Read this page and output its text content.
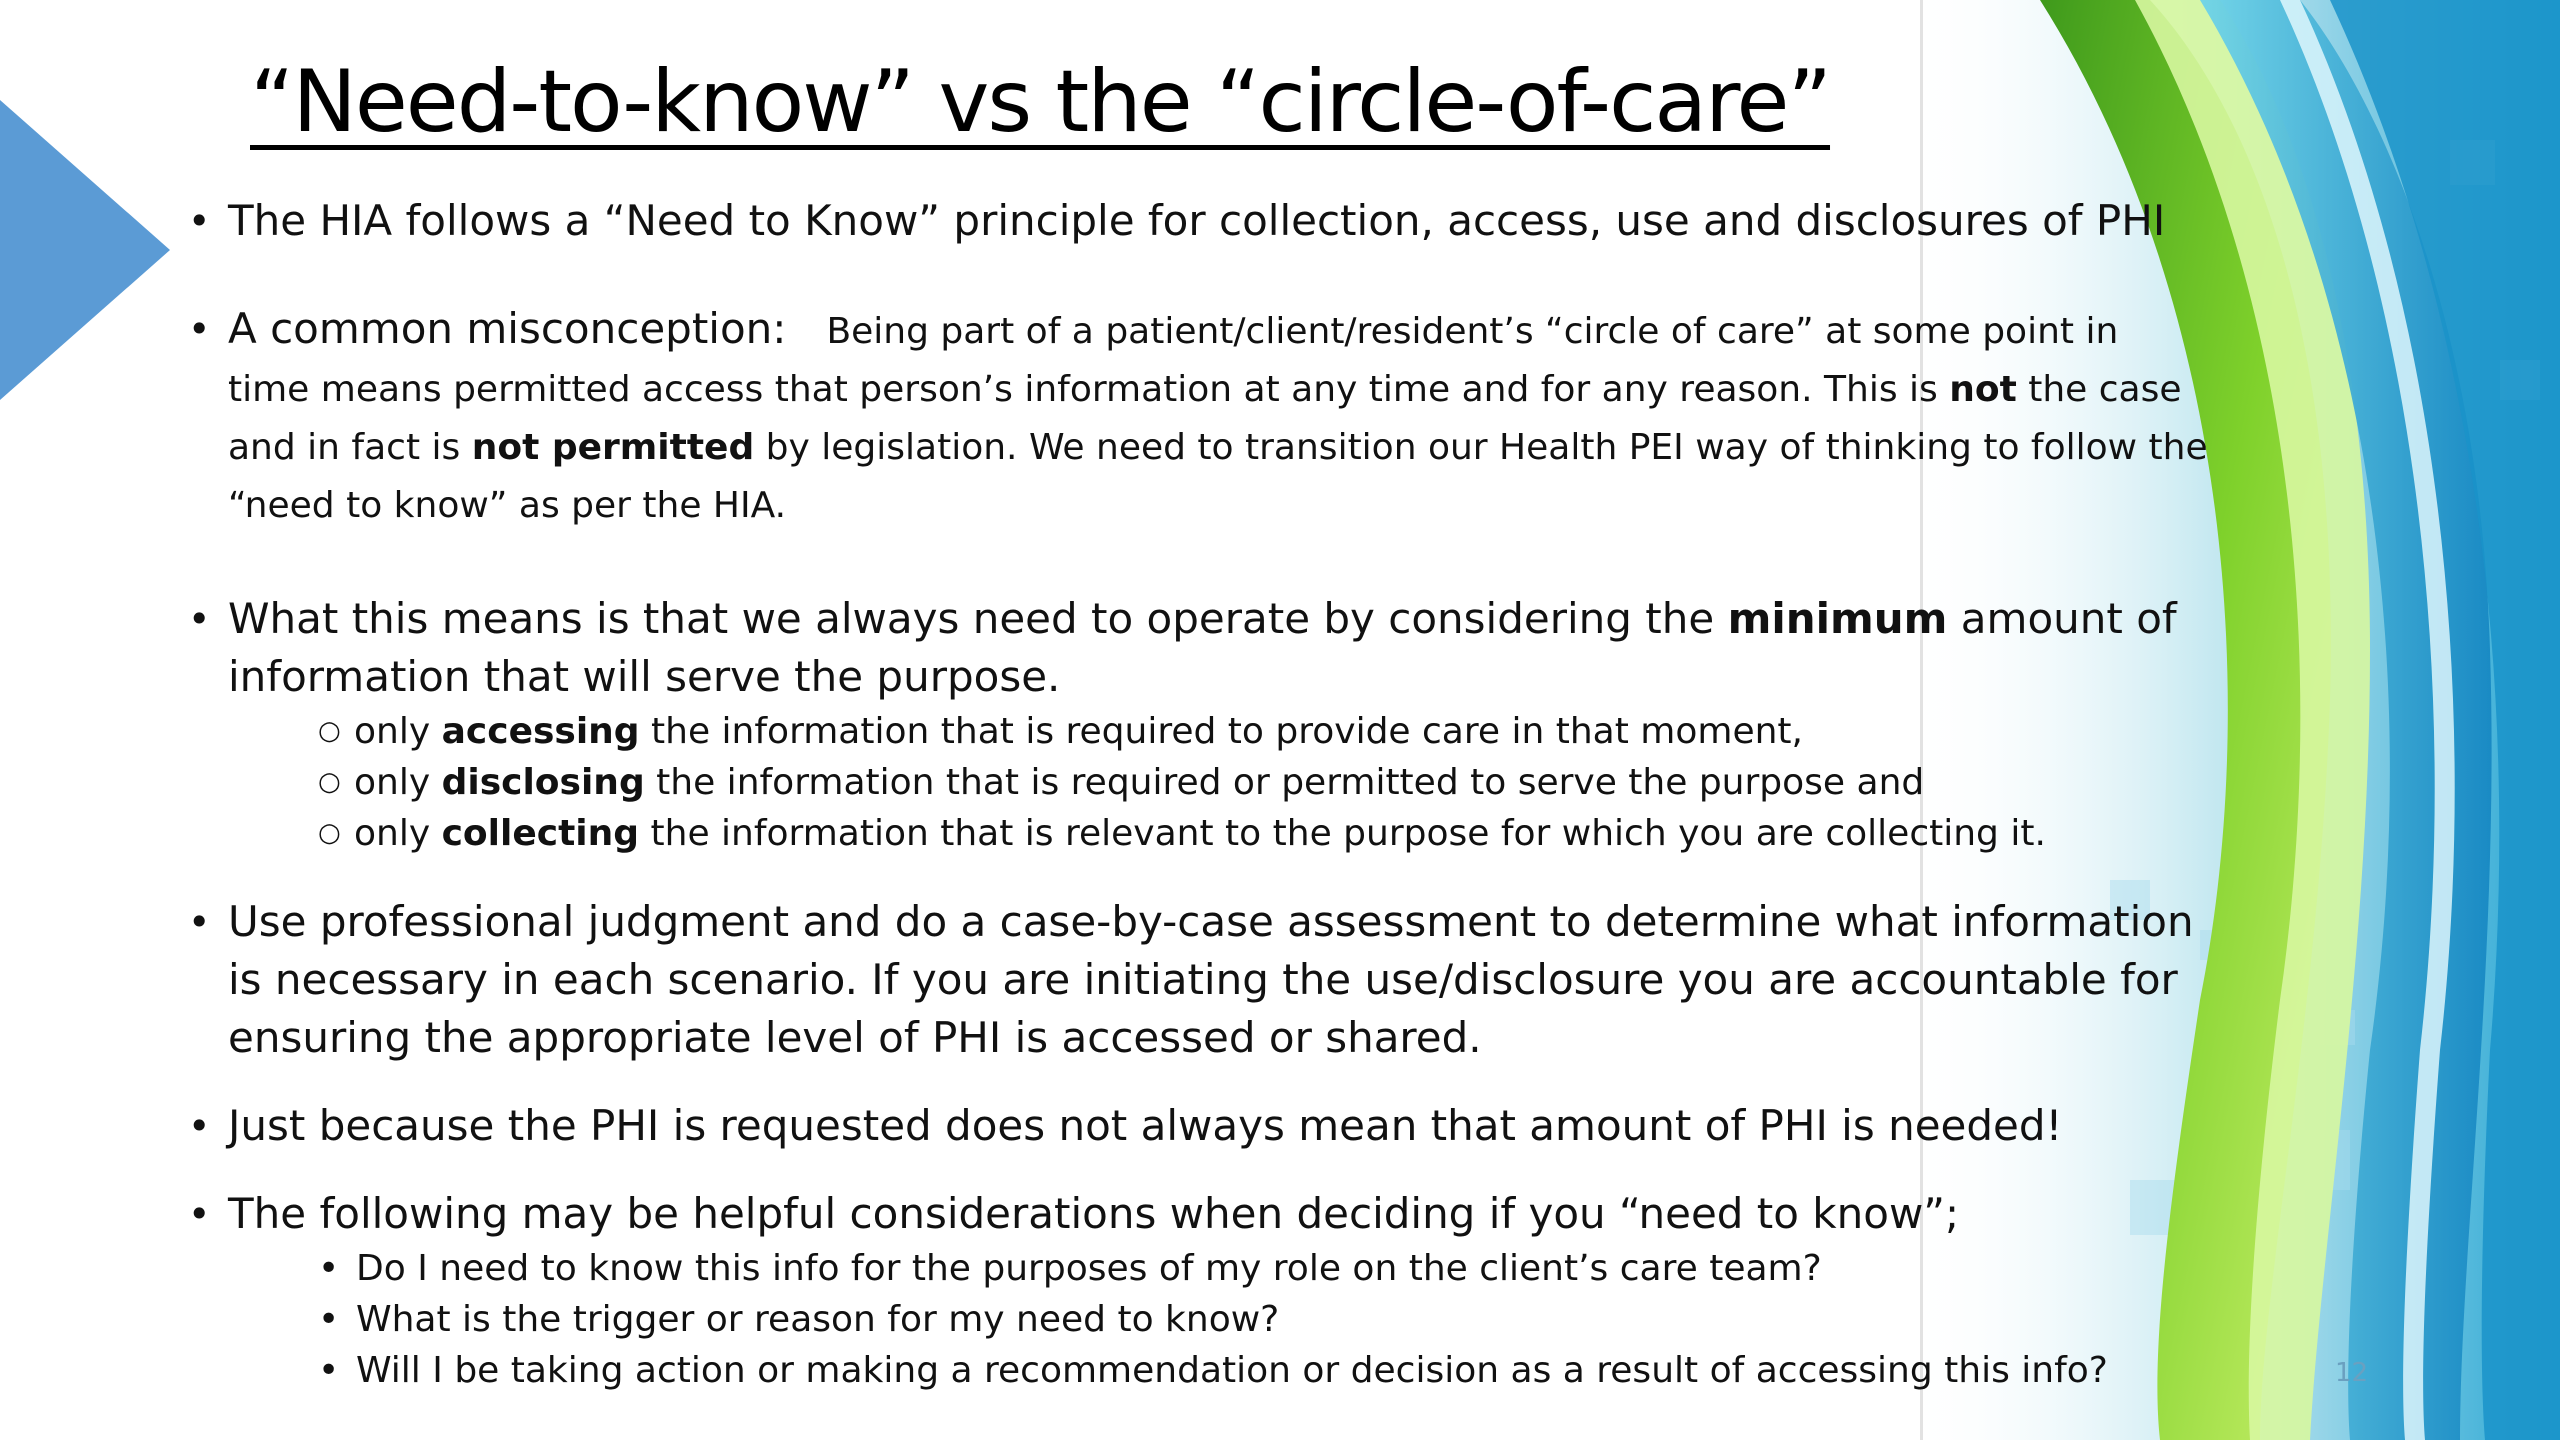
“Need-to-know” vs the “circle-of-care”
• The HIA follows a “Need to Know” principle for collection, access, use and disclosures of PHI
• A common misconception: Being part of a patient/client/resident’s “circle of care” at some point in time means permitted access that person’s information at any time and for any reason. This is not the case and in fact is not permitted by legislation. We need to transition our Health PEI way of thinking to follow the “need to know” as per the HIA.
• What this means is that we always need to operate by considering the minimum amount of information that will serve the purpose.
○ only accessing the information that is required to provide care in that moment,
○ only disclosing the information that is required or permitted to serve the purpose and
○ only collecting the information that is relevant to the purpose for which you are collecting it.
• Use professional judgment and do a case-by-case assessment to determine what information is necessary in each scenario. If you are initiating the use/disclosure you are accountable for ensuring the appropriate level of PHI is accessed or shared.
• Just because the PHI is requested does not always mean that amount of PHI is needed!
• The following may be helpful considerations when deciding if you “need to know”;
• Do I need to know this info for the purposes of my role on the client’s care team?
• What is the trigger or reason for my need to know?
• Will I be taking action or making a recommendation or decision as a result of accessing this info?	12
